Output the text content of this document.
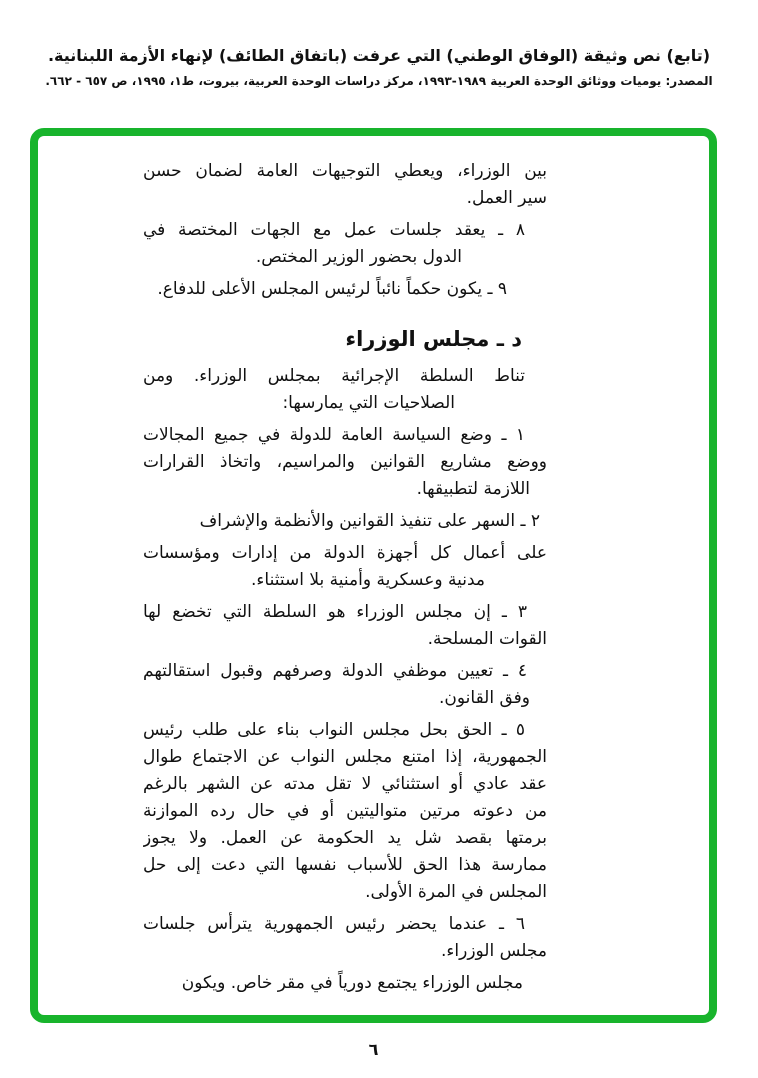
(تابع) نص وثيقة (الوفاق الوطني) التي عرفت (باتفاق الطائف) لإنهاء الأزمة اللبنانية.
المصدر: يوميات ووثائق الوحدة العربية ١٩٨٩-١٩٩٣، مركز دراسات الوحدة العربية، بيروت، ط١، ١٩٩٥، ص ٦٥٧ - ٦٦٢.
بين الوزراء، ويعطي التوجيهات العامة لضمان حسن
سير العمل.
٨ ـ يعقد جلسات عمل مع الجهات المختصة في
الدول بحضور الوزير المختص.
٩ ـ يكون حكماً نائباً لرئيس المجلس الأعلى للدفاع.
د ـ مجلس الوزراء
تناط السلطة الإجرائية بمجلس الوزراء. ومن
الصلاحيات التي يمارسها:
١ ـ وضع السياسة العامة للدولة في جميع المجالات
ووضع مشاريع القوانين والمراسيم، واتخاذ القرارات
اللازمة لتطبيقها.
٢ ـ السهر على تنفيذ القوانين والأنظمة والإشراف
على أعمال كل أجهزة الدولة من إدارات ومؤسسات
مدنية وعسكرية وأمنية بلا استثناء.
٣ ـ إن مجلس الوزراء هو السلطة التي تخضع لها
القوات المسلحة.
٤ ـ تعيين موظفي الدولة وصرفهم وقبول استقالتهم
وفق القانون.
٥ ـ الحق بحل مجلس النواب بناء على طلب رئيس
الجمهورية، إذا امتنع مجلس النواب عن الاجتماع طوال
عقد عادي أو استثنائي لا تقل مدته عن الشهر بالرغم
من دعوته مرتين متواليتين أو في حال رده الموازنة
برمتها بقصد شل يد الحكومة عن العمل. ولا يجوز
ممارسة هذا الحق للأسباب نفسها التي دعت إلى حل
المجلس في المرة الأولى.
٦ ـ عندما يحضر رئيس الجمهورية يترأس جلسات
مجلس الوزراء.
مجلس الوزراء يجتمع دورياً في مقر خاص. ويكون
٦
